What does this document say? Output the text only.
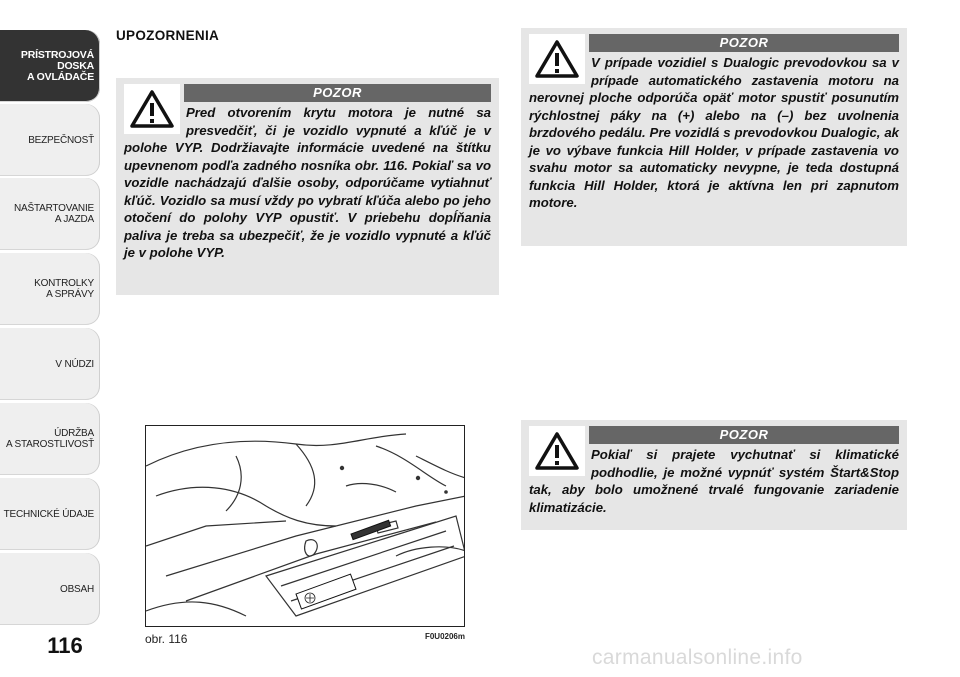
PRÍSTROJOVÁ
DOSKA
A OVLÁDAČE
BEZPEČNOSŤ
NAŠTARTOVANIE
A JAZDA
KONTROLKY
A SPRÁVY
V NÚDZI
ÚDRŽBA
A STAROSTLIVOSŤ
TECHNICKÉ ÚDAJE
OBSAH
116
UPOZORNENIA
POZOR
Pred otvorením krytu motora je nutné sa presvedčiť, či je vozidlo vypnuté a kľúč je v polohe VYP. Dodržiavajte informácie uvedené na štítku upevnenom podľa zadného nosníka obr. 116. Pokiaľ sa vo vozidle nachádzajú ďalšie osoby, odporúčame vytiahnuť kľúč. Vozidlo sa musí vždy po vybratí kľúča alebo po jeho otočení do polohy VYP opustiť. V priebehu dopĺňania paliva je treba sa ubezpečiť, že je vozidlo vypnuté a kľúč je v polohe VYP.
POZOR
V prípade vozidiel s Dualogic prevodovkou sa v prípade automatického zastavenia motoru na nerovnej ploche odporúča opäť motor spustiť posunutím rýchlostnej páky na (+) alebo na (–) bez uvolnenia brzdového pedálu. Pre vozidlá s prevodovkou Dualogic, ak je vo výbave funkcia Hill Holder, v prípade zastavenia vo svahu motor sa automaticky nevypne, je teda dostupná funkcia Hill Holder, ktorá je aktívna len pri zapnutom motore.
POZOR
Pokiaľ si prajete vychutnať si klimatické podhodlie, je možné vypnúť systém Štart&Stop tak, aby bolo umožnené trvalé fungovanie zariadenie klimatizácie.
obr. 116	F0U0206m
carmanualsonline.info
